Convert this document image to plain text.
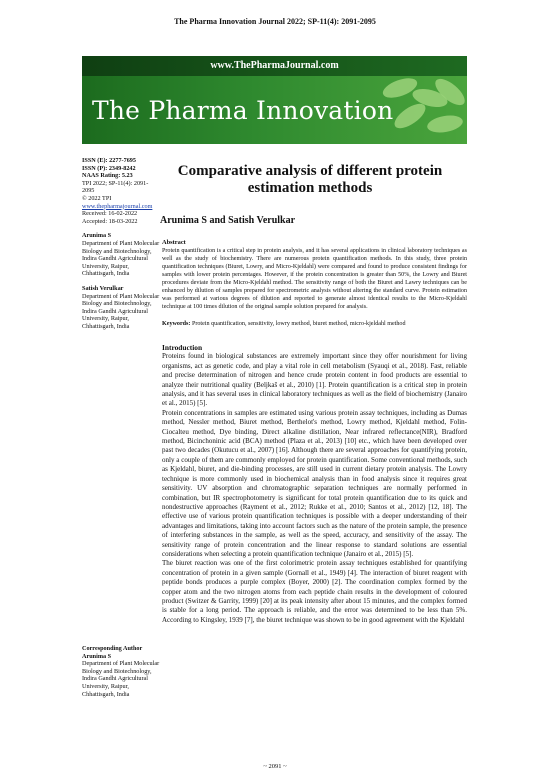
The Pharma Innovation Journal 2022; SP-11(4): 2091-2095
www.ThePharmaJournal.com
The Pharma Innovation
ISSN (E): 2277-7695
ISSN (P): 2349-8242
NAAS Rating: 5.23
TPI 2022; SP-11(4): 2091-2095
© 2022 TPI
www.thepharmajournal.com
Received: 16-02-2022
Accepted: 18-03-2022
Arunima S
Department of Plant Molecular
Biology and Biotechnology,
Indira Gandhi Agricultural
University, Raipur,
Chhattisgarh, India
Satish Verulkar
Department of Plant Molecular
Biology and Biotechnology,
Indira Gandhi Agricultural
University, Raipur,
Chhattisgarh, India
Comparative analysis of different protein estimation methods
Arunima S and Satish Verulkar
Abstract
Protein quantification is a critical step in protein analysis, and it has several applications in clinical laboratory techniques as well as the study of biochemistry. There are numerous protein quantification methods. In this study, three protein quantification techniques (Biuret, Lowry, and Micro-Kjeldahl) were compared and found to produce consistent findings for samples with lower protein percentages. However, if the protein concentration is greater than 50%, the Lowry and Biuret procedures deviate from the Micro-Kjeldahl method. The sensitivity range of both the Biuret and Lawry techniques can be enhanced by dilution of samples prepared for spectrometric analysis without altering the standard curve. Protein estimation was performed at various degrees of dilution and reported to generate almost identical results to the Micro-Kjeldahl technique at 100 times dilution of the original sample solution prepared for analysis.
Keywords: Protein quantification, sensitivity, lowry method, biuret method, micro-kjeldahl method
Introduction

Proteins found in biological substances are extremely important since they offer nourishment for living organisms, act as genetic code, and play a vital role in cell metabolism (Syauqi et al., 2018). Fast, reliable and precise determination of nitrogen and hence crude protein content in food products are essential to analyze their nutritional quality (Beljkaš et al., 2010) [1]. Protein quantification is a critical step in protein analysis, and it has several uses in clinical laboratory techniques as well as the field of biochemistry (Janairo et al., 2015) [5].

Protein concentrations in samples are estimated using various protein assay techniques, including as Dumas method, Nessler method, Biuret method, Berthelot's method, Lowry method, Kjeldahl method, Folin-Ciocalteu method, Dye binding, Direct alkaline distillation, Near infrared reflectance(NIR), Bradford method, Bicinchoninic acid (BCA) method (Plaza et al., 2013) [10] etc., which have been developed over past two decades (Okutucu et al., 2007) [16]. Although there are several approaches for quantifying protein, only a couple of them are commonly employed for protein quantification. Some conventional methods, such as Kjeldahl, biuret, and die-binding processes, are still used in current dietary protein analysis. The Lowry technique is more commonly used in biochemical analysis than in food analysis since it requires great sensitivity. UV absorption and chromatographic separation techniques are normally performed in combination, but IR spectrophotometry is significant for total protein quantification due to its quick and nondestructive approaches (Rayment et al., 2012; Rukke et al., 2010; Santos et al., 2012) [12, 18]. The effective use of various protein quantification techniques is possible with a deeper understanding of their advantages and limitations, taking into account factors such as the nature of the protein sample, the presence of interfering substances in the sample, as well as the speed, accuracy, and sensitivity of the assay. The sensitivity range of protein concentration and the linear response to standard solutions are essential considerations when selecting a protein quantification technique (Janairo et al., 2015) [5].

The biuret reaction was one of the first colorimetric protein assay techniques established for quantifying concentration of protein in a given sample (Gornall et al., 1949) [4]. The interaction of biuret reagent with peptide bonds produces a purple complex (Boyer, 2000) [2]. The coordination complex formed by the copper atom and the two nitrogen atoms from each peptide chain results in the development of coloured product (Switzer & Garrity, 1999) [20] at its peak intensity after about 15 minutes, and the complex formed is stable for a long period. The approach is reliable, and the error was determined to be less than 5%. According to Kingsley, 1939 [7], the biuret technique was shown to be in good agreement with the Kjeldahl

Corresponding Author
Arunima S
Department of Plant Molecular
Biology and Biotechnology,
Indira Gandhi Agricultural
University, Raipur,
Chhattisgarh, India
~ 2091 ~
